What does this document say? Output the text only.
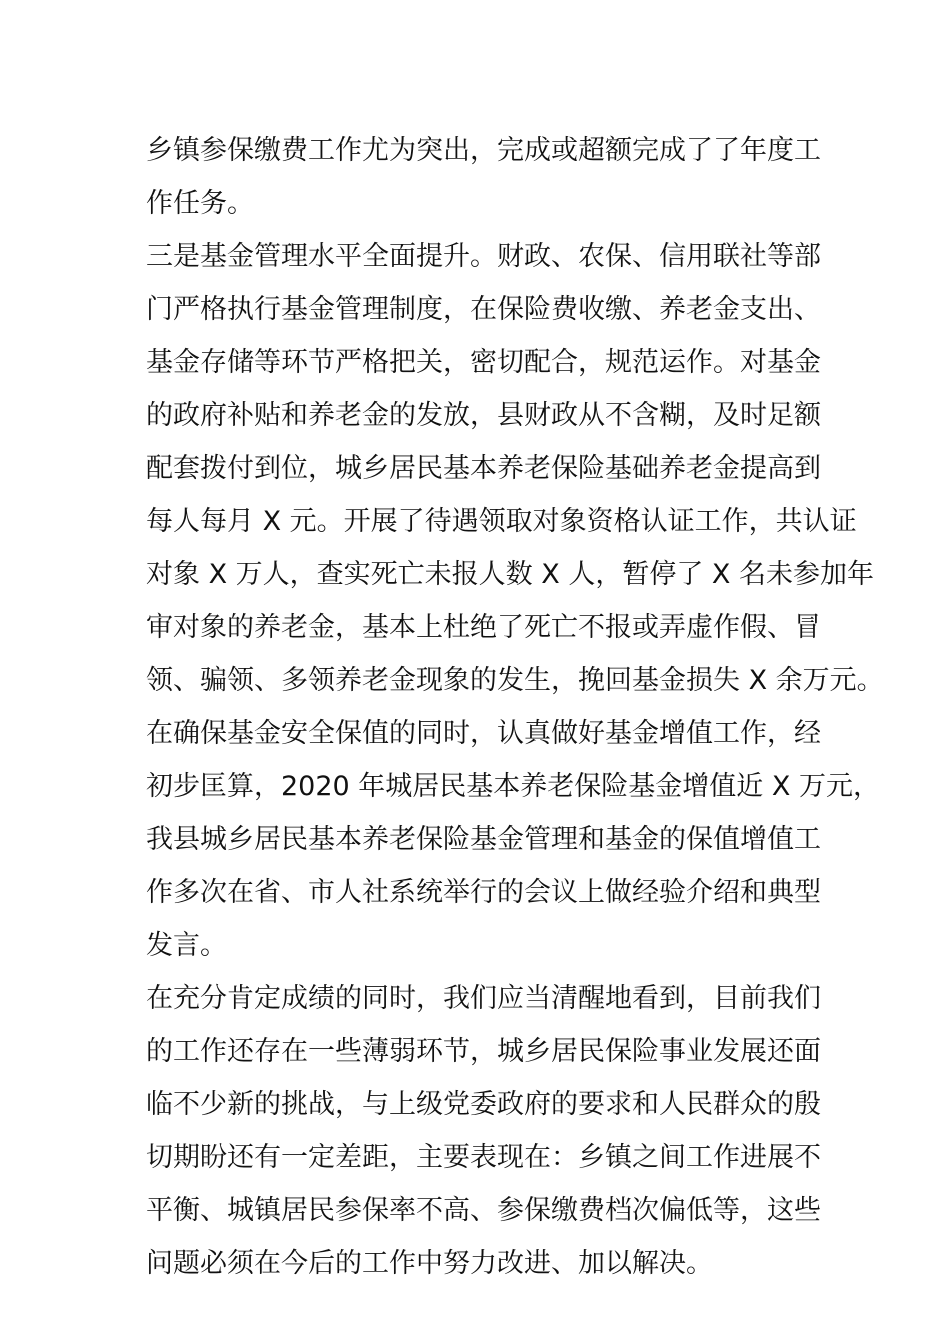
乡镇参保缴费工作尤为突出，完成或超额完成了了年度工
作任务。
三是基金管理水平全面提升。财政、农保、信用联社等部
门严格执行基金管理制度，在保险费收缴、养老金支出、
基金存储等环节严格把关，密切配合，规范运作。对基金
的政府补贴和养老金的发放，县财政从不含糊，及时足额
配套拨付到位，城乡居民基本养老保险基础养老金提高到
每人每月 X 元。开展了待遇领取对象资格认证工作，共认证
对象 X 万人，查实死亡未报人数 X 人，暂停了 X 名未参加年
审对象的养老金，基本上杜绝了死亡不报或弄虚作假、冒
领、骗领、多领养老金现象的发生，挽回基金损失 X 余万元。
在确保基金安全保值的同时，认真做好基金增值工作，经
初步匡算，2020 年城居民基本养老保险基金增值近 X 万元，
我县城乡居民基本养老保险基金管理和基金的保值增值工
作多次在省、市人社系统举行的会议上做经验介绍和典型
发言。
在充分肯定成绩的同时，我们应当清醒地看到，目前我们
的工作还存在一些薄弱环节，城乡居民保险事业发展还面
临不少新的挑战，与上级党委政府的要求和人民群众的殷
切期盼还有一定差距，主要表现在：乡镇之间工作进展不
平衡、城镇居民参保率不高、参保缴费档次偏低等，这些
问题必须在今后的工作中努力改进、加以解决。
